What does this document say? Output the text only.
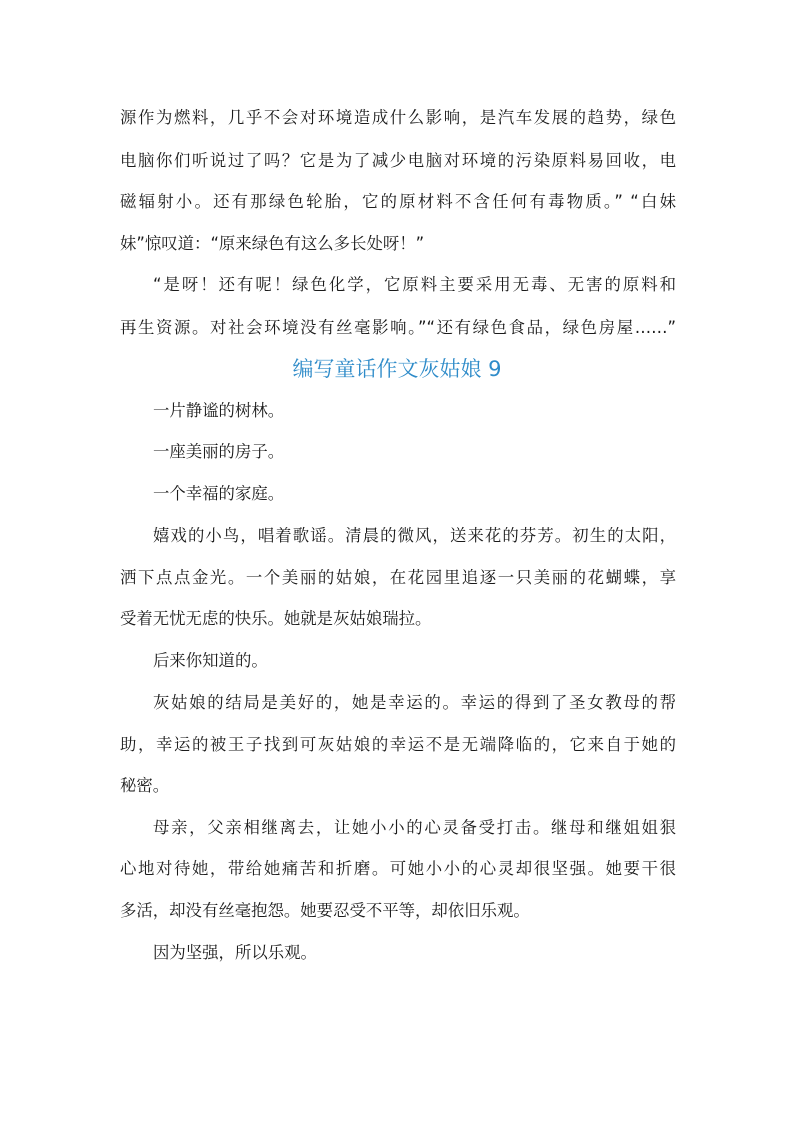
源作为燃料，几乎不会对环境造成什么影响，是汽车发展的趋势，绿色
电脑你们听说过了吗？它是为了减少电脑对环境的污染原料易回收，电
磁辐射小。还有那绿色轮胎，它的原材料不含任何有毒物质。” “白妹
妹”惊叹道：“原来绿色有这么多长处呀！”
“是呀！还有呢！绿色化学，它原料主要采用无毒、无害的原料和
再生资源。对社会环境没有丝毫影响。”“还有绿色食品，绿色房屋……”
编写童话作文灰姑娘 9
一片静谧的树林。
一座美丽的房子。
一个幸福的家庭。
嬉戏的小鸟，唱着歌谣。清晨的微风，送来花的芬芳。初生的太阳，
洒下点点金光。一个美丽的姑娘，在花园里追逐一只美丽的花蝴蝶，享
受着无忧无虑的快乐。她就是灰姑娘瑞拉。
后来你知道的。
灰姑娘的结局是美好的，她是幸运的。幸运的得到了圣女教母的帮
助，幸运的被王子找到可灰姑娘的幸运不是无端降临的，它来自于她的
秘密。
母亲，父亲相继离去，让她小小的心灵备受打击。继母和继姐姐狠
心地对待她，带给她痛苦和折磨。可她小小的心灵却很坚强。她要干很
多活，却没有丝毫抱怨。她要忍受不平等，却依旧乐观。
因为坚强，所以乐观。
